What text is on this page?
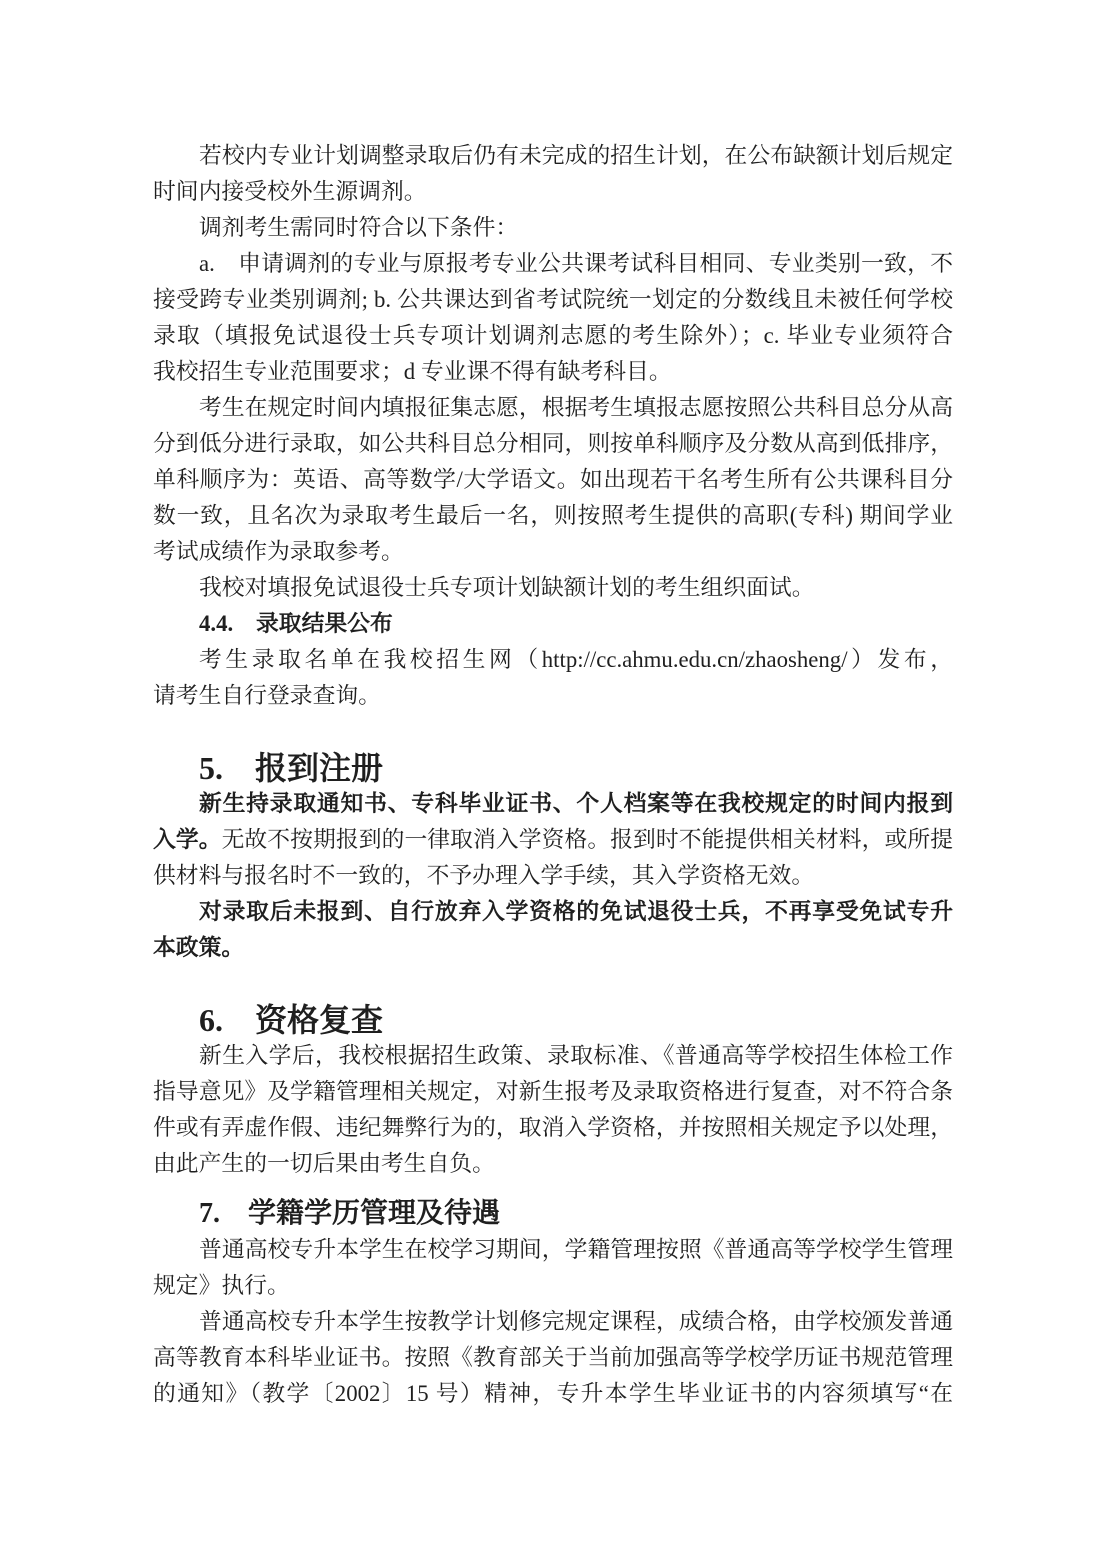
若校内专业计划调整录取后仍有未完成的招生计划，在公布缺额计划后规定
时间内接受校外生源调剂。
调剂考生需同时符合以下条件：
a.　申请调剂的专业与原报考专业公共课考试科目相同、专业类别一致，不
接受跨专业类别调剂; b. 公共课达到省考试院统一划定的分数线且未被任何学校
录取（填报免试退役士兵专项计划调剂志愿的考生除外）；c. 毕业专业须符合
我校招生专业范围要求；d 专业课不得有缺考科目。
考生在规定时间内填报征集志愿，根据考生填报志愿按照公共科目总分从高
分到低分进行录取，如公共科目总分相同，则按单科顺序及分数从高到低排序，
单科顺序为：英语、高等数学/大学语文。如出现若干名考生所有公共课科目分
数一致，且名次为录取考生最后一名，则按照考生提供的高职(专科) 期间学业
考试成绩作为录取参考。
我校对填报免试退役士兵专项计划缺额计划的考生组织面试。
4.4.　录取结果公布
考生录取名单在我校招生网（http://cc.ahmu.edu.cn/zhaosheng/）发布，
请考生自行登录查询。
5.　报到注册
新生持录取通知书、专科毕业证书、个人档案等在我校规定的时间内报到
入学。无故不按期报到的一律取消入学资格。报到时不能提供相关材料，或所提
供材料与报名时不一致的，不予办理入学手续，其入学资格无效。
对录取后未报到、自行放弃入学资格的免试退役士兵，不再享受免试专升
本政策。
6.　资格复查
新生入学后，我校根据招生政策、录取标准、《普通高等学校招生体检工作
指导意见》及学籍管理相关规定，对新生报考及录取资格进行复查，对不符合条
件或有弄虚作假、违纪舞弊行为的，取消入学资格，并按照相关规定予以处理，
由此产生的一切后果由考生自负。
7.　学籍学历管理及待遇
普通高校专升本学生在校学习期间，学籍管理按照《普通高等学校学生管理
规定》执行。
普通高校专升本学生按教学计划修完规定课程，成绩合格，由学校颁发普通
高等教育本科毕业证书。按照《教育部关于当前加强高等学校学历证书规范管理
的通知》（教学〔2002〕15 号）精神，专升本学生毕业证书的内容须填写“在
